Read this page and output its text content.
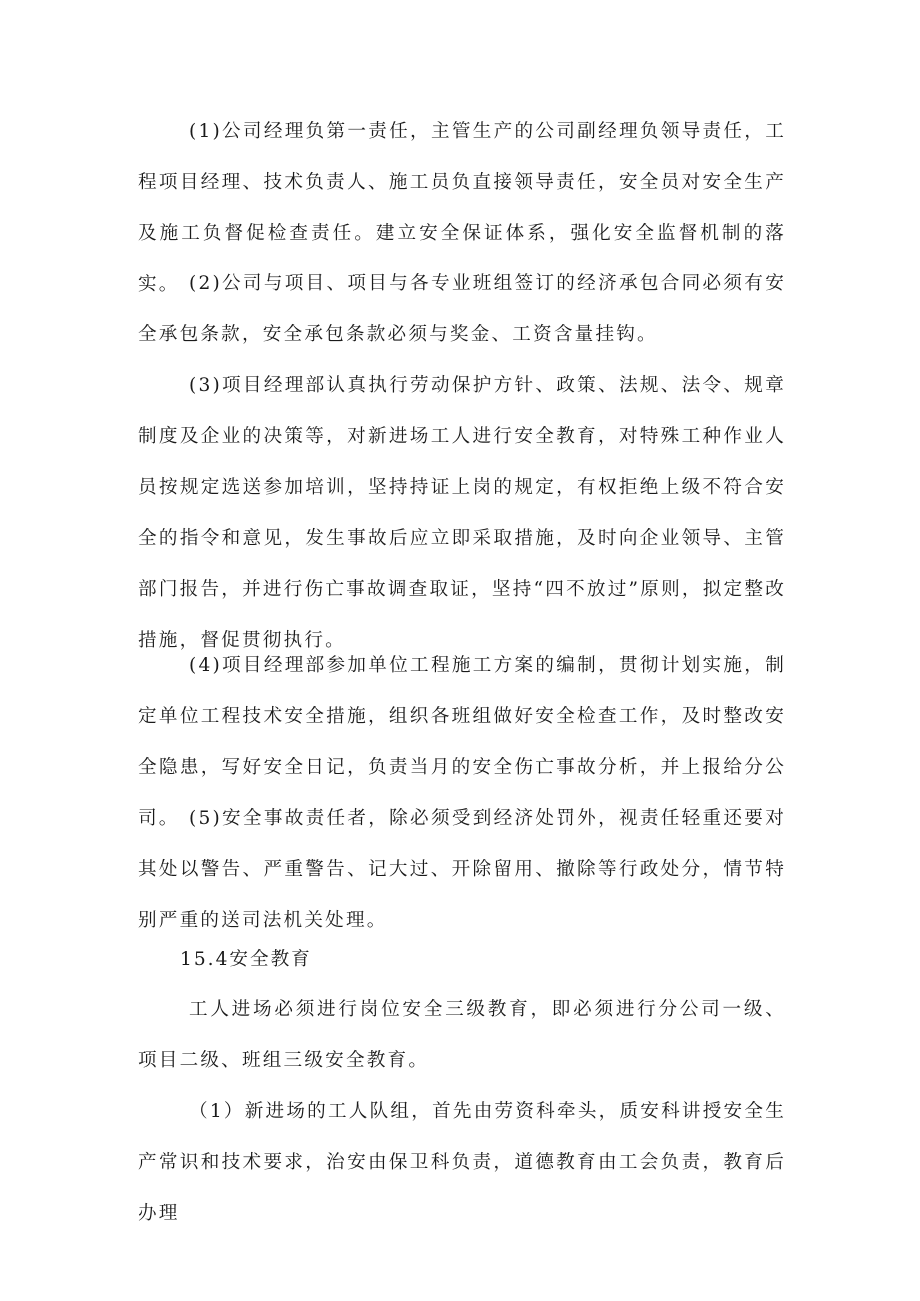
(1)公司经理负第一责任，主管生产的公司副经理负领导责任，工程项目经理、技术负责人、施工员负直接领导责任，安全员对安全生产及施工负督促检查责任。建立安全保证体系，强化安全监督机制的落实。 (2)公司与项目、项目与各专业班组签订的经济承包合同必须有安全承包条款，安全承包条款必须与奖金、工资含量挂钩。

(3)项目经理部认真执行劳动保护方针、政策、法规、法令、规章制度及企业的决策等，对新进场工人进行安全教育，对特殊工种作业人员按规定选送参加培训，坚持持证上岗的规定，有权拒绝上级不符合安全的指令和意见，发生事故后应立即采取措施，及时向企业领导、主管部门报告，并进行伤亡事故调查取证，坚持“四不放过”原则，拟定整改措施，督促贯彻执行。

(4)项目经理部参加单位工程施工方案的编制，贯彻计划实施，制定单位工程技术安全措施，组织各班组做好安全检查工作，及时整改安全隐患，写好安全日记，负责当月的安全伤亡事故分析，并上报给分公司。 (5)安全事故责任者，除必须受到经济处罚外，视责任轻重还要对其处以警告、严重警告、记大过、开除留用、撤除等行政处分，情节特别严重的送司法机关处理。

15.4安全教育

工人进场必须进行岗位安全三级教育，即必须进行分公司一级、项目二级、班组三级安全教育。

（1）新进场的工人队组，首先由劳资科牵头，质安科讲授安全生产常识和技术要求，治安由保卫科负责，道德教育由工会负责，教育后办理
